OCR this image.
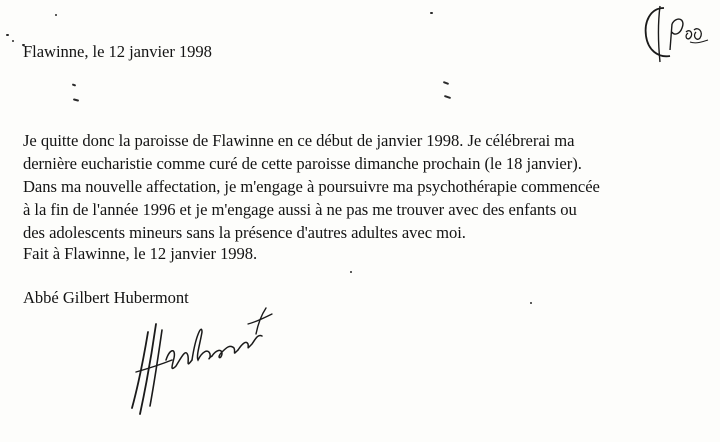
Flawinne, le 12 janvier 1998
Je quitte donc la paroisse de Flawinne en ce début de janvier 1998. Je célébrerai ma
dernière eucharistie comme curé de cette paroisse dimanche prochain (le 18 janvier).
Dans ma nouvelle affectation, je m'engage à poursuivre ma psychothérapie commencée
à la fin de l'année 1996 et je m'engage aussi à ne pas me trouver avec des enfants ou
des adolescents mineurs sans la présence d'autres adultes avec moi.
Fait à Flawinne, le 12 janvier 1998.
Abbé Gilbert Hubermont
